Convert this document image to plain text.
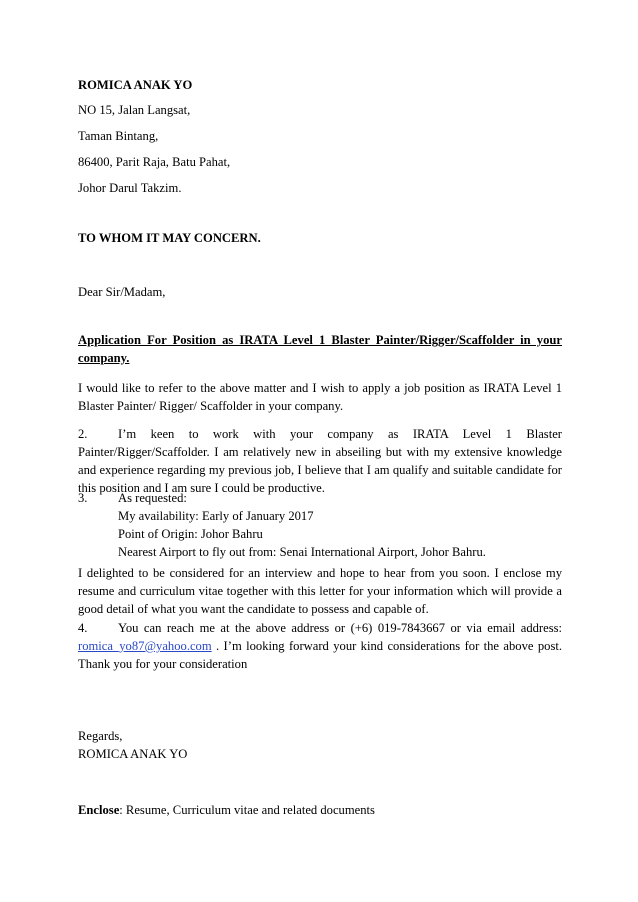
ROMICA ANAK YO

NO 15, Jalan Langsat,

Taman Bintang,

86400, Parit Raja, Batu Pahat,

Johor Darul Takzim.

TO WHOM IT MAY CONCERN.

Dear Sir/Madam,

Application For Position as IRATA Level 1 Blaster Painter/Rigger/Scaffolder in your company.

I would like to refer to the above matter and I wish to apply a job position as IRATA Level 1 Blaster Painter/ Rigger/ Scaffolder in your company.

2. I’m keen to work with your company as IRATA Level 1 Blaster Painter/Rigger/Scaffolder. I am relatively new in abseiling but with my extensive knowledge and experience regarding my previous job, I believe that I am qualify and suitable candidate for this position and I am sure I could be productive.
3.	As requested:
My availability: Early of January 2017
Point of Origin: Johor Bahru
Nearest Airport to fly out from: Senai International Airport, Johor Bahru.

I delighted to be considered for an interview and hope to hear from you soon. I enclose my resume and curriculum vitae together with this letter for your information which will provide a good detail of what you want the candidate to possess and capable of.

4. You can reach me at the above address or (+6) 019-7843667 or via email address: romica_yo87@yahoo.com . I’m looking forward your kind considerations for the above post. Thank you for your consideration

Regards,

ROMICA ANAK YO

Enclose: Resume, Curriculum vitae and related documents
